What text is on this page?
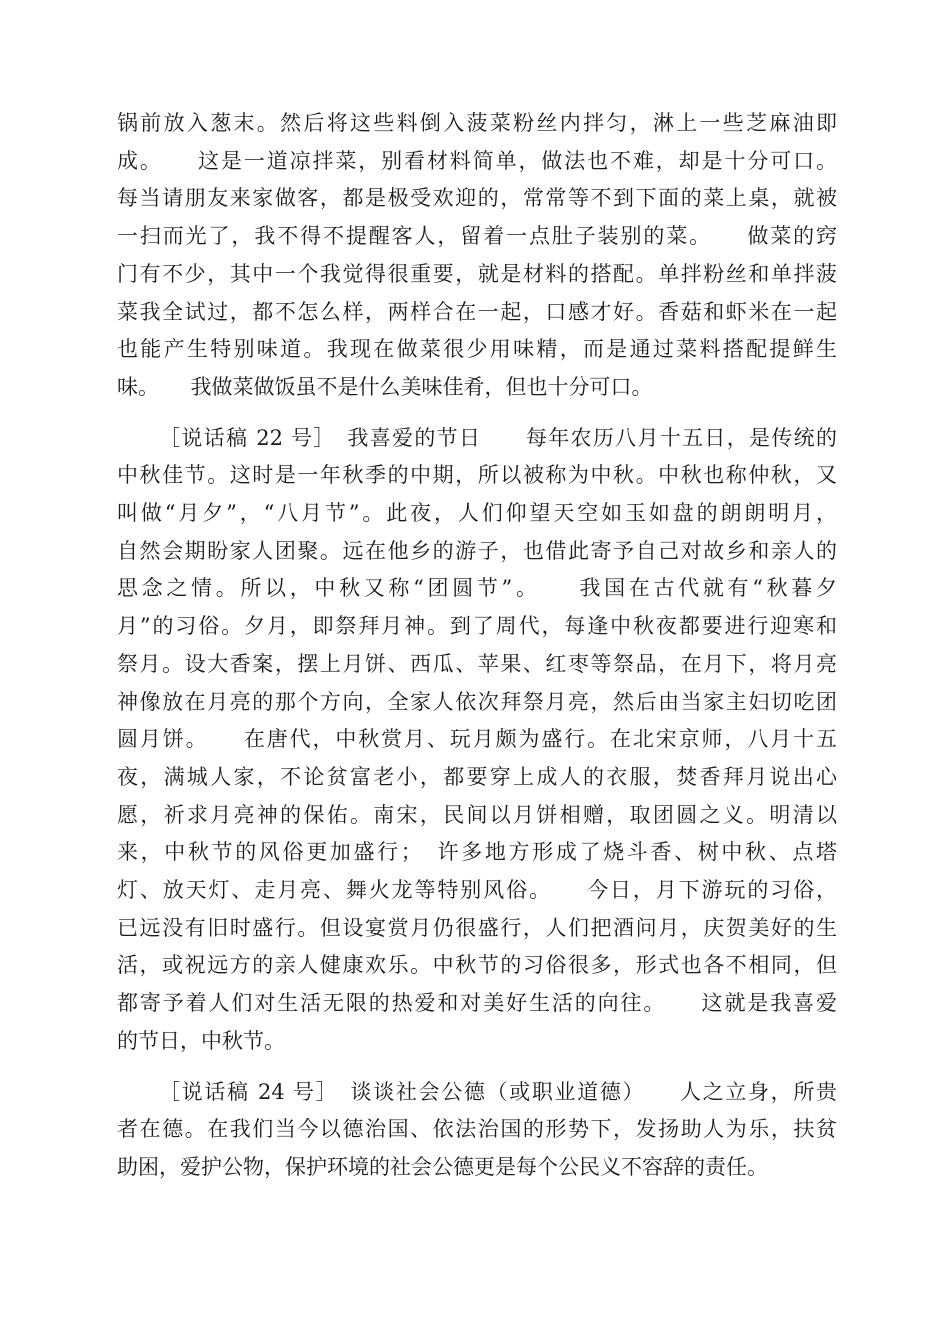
锅前放入葱末。然后将这些料倒入菠菜粉丝内拌匀，淋上一些芝麻油即
成。　　这是一道凉拌菜，别看材料简单，做法也不难，却是十分可口。
每当请朋友来家做客，都是极受欢迎的，常常等不到下面的菜上桌，就被
一扫而光了，我不得不提醒客人，留着一点肚子装别的菜。　　做菜的窍
门有不少，其中一个我觉得很重要，就是材料的搭配。单拌粉丝和单拌菠
菜我全试过，都不怎么样，两样合在一起，口感才好。香菇和虾米在一起
也能产生特别味道。我现在做菜很少用味精，而是通过菜料搭配提鲜生
味。　　我做菜做饭虽不是什么美味佳肴，但也十分可口。
［说话稿 22 号］　我喜爱的节日　　每年农历八月十五日，是传统的
中秋佳节。这时是一年秋季的中期，所以被称为中秋。中秋也称仲秋，又
叫做“月夕”，“八月节”。此夜，人们仰望天空如玉如盘的朗朗明月，
自然会期盼家人团聚。远在他乡的游子，也借此寄予自己对故乡和亲人的
思念之情。所以，中秋又称“团圆节”。　　我国在古代就有“秋暮夕
月”的习俗。夕月，即祭拜月神。到了周代，每逢中秋夜都要进行迎寒和
祭月。设大香案，摆上月饼、西瓜、苹果、红枣等祭品，在月下，将月亮
神像放在月亮的那个方向，全家人依次拜祭月亮，然后由当家主妇切吃团
圆月饼。　　在唐代，中秋赏月、玩月颇为盛行。在北宋京师，八月十五
夜，满城人家，不论贫富老小，都要穿上成人的衣服，焚香拜月说出心
愿，祈求月亮神的保佑。南宋，民间以月饼相赠，取团圆之义。明清以
来，中秋节的风俗更加盛行；　许多地方形成了烧斗香、树中秋、点塔
灯、放天灯、走月亮、舞火龙等特别风俗。　　今日，月下游玩的习俗，
已远没有旧时盛行。但设宴赏月仍很盛行，人们把酒问月，庆贺美好的生
活，或祝远方的亲人健康欢乐。中秋节的习俗很多，形式也各不相同，但
都寄予着人们对生活无限的热爱和对美好生活的向往。　　这就是我喜爱
的节日，中秋节。
［说话稿 24 号］　谈谈社会公德（或职业道德）　　人之立身，所贵
者在德。在我们当今以德治国、依法治国的形势下，发扬助人为乐，扶贫
助困，爱护公物，保护环境的社会公德更是每个公民义不容辞的责任。
